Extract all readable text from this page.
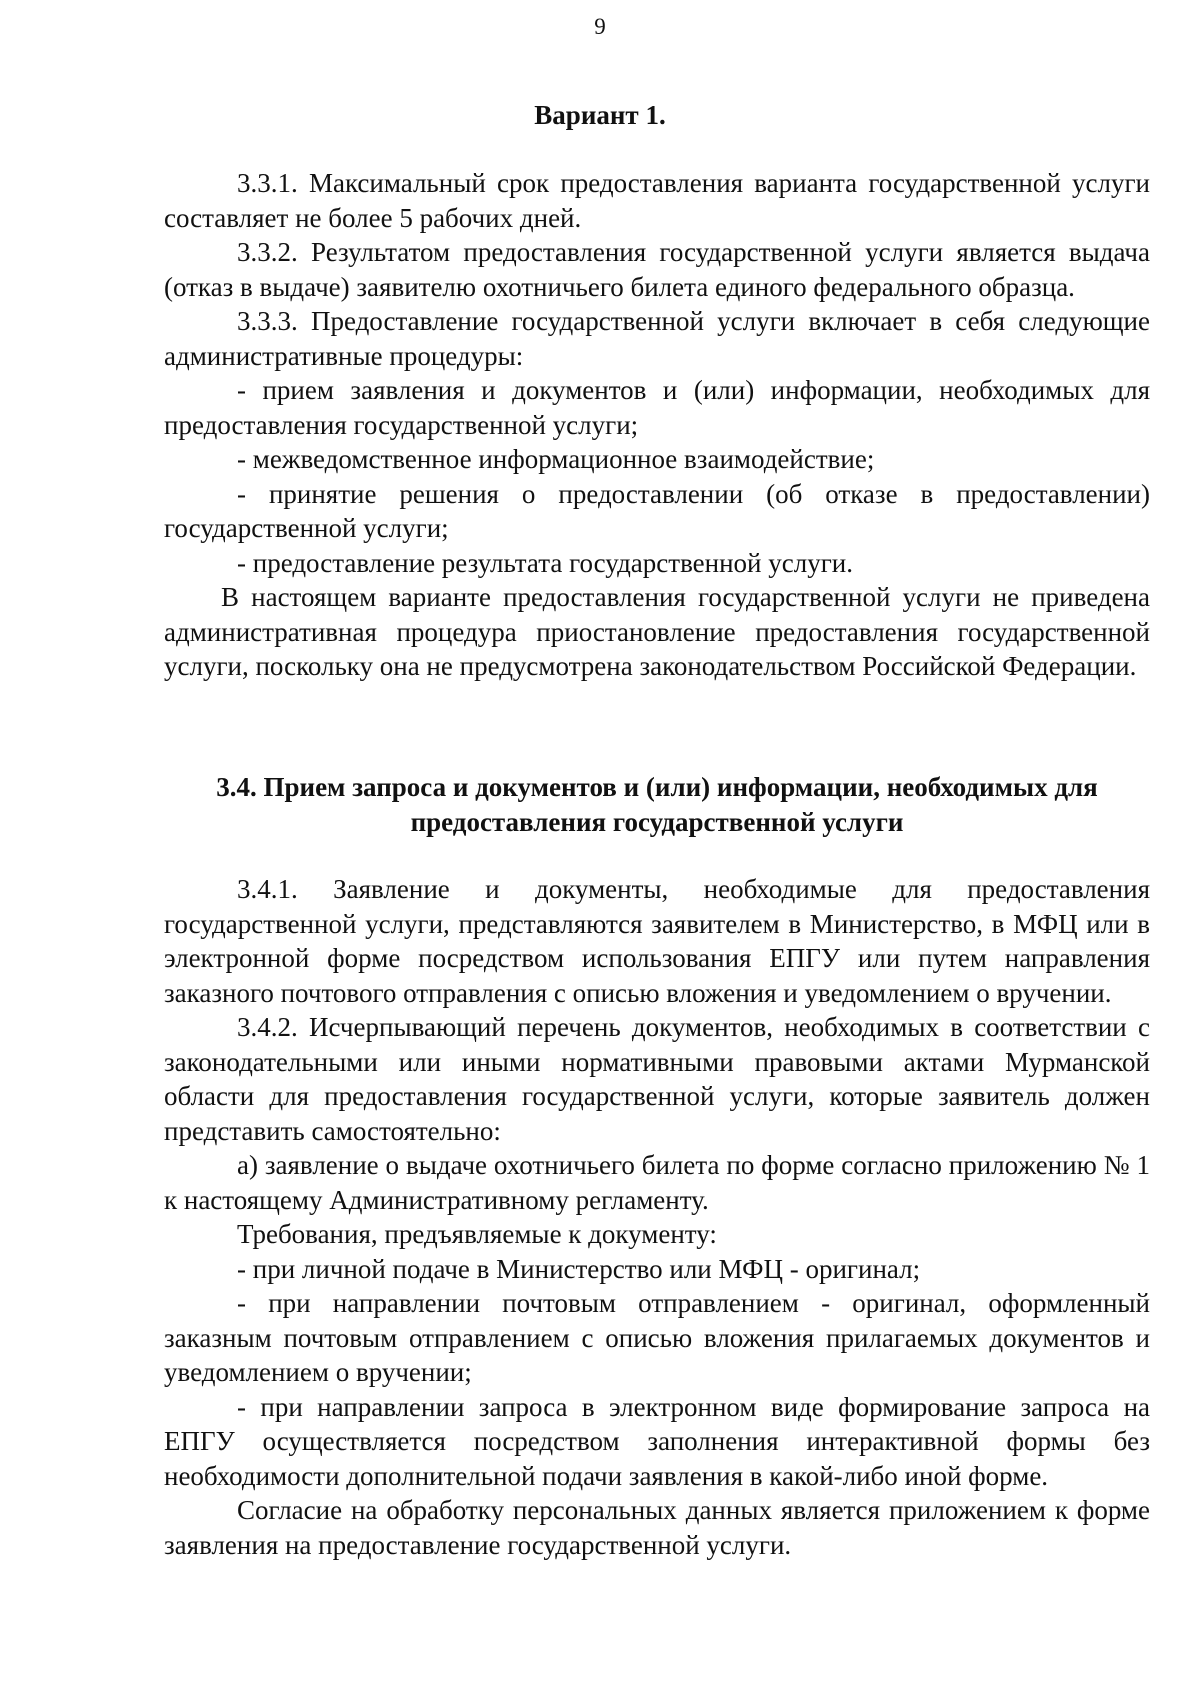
9
Вариант 1.

3.3.1. Максимальный срок предоставления варианта государственной услуги составляет не более 5 рабочих дней.

3.3.2. Результатом предоставления государственной услуги является выдача (отказ в выдаче) заявителю охотничьего билета единого федерального образца.

3.3.3. Предоставление государственной услуги включает в себя следующие административные процедуры:

- прием заявления и документов и (или) информации, необходимых для предоставления государственной услуги;

- межведомственное информационное взаимодействие;

- принятие решения о предоставлении (об отказе в предоставлении) государственной услуги;

- предоставление результата государственной услуги.

В настоящем варианте предоставления государственной услуги не приведена административная процедура приостановление предоставления государственной услуги, поскольку она не предусмотрена законодательством Российской Федерации.

3.4. Прием запроса и документов и (или) информации, необходимых для предоставления государственной услуги

3.4.1. Заявление и документы, необходимые для предоставления государственной услуги, представляются заявителем в Министерство, в МФЦ или в электронной форме посредством использования ЕПГУ или путем направления заказного почтового отправления с описью вложения и уведомлением о вручении.

3.4.2. Исчерпывающий перечень документов, необходимых в соответствии с законодательными или иными нормативными правовыми актами Мурманской области для предоставления государственной услуги, которые заявитель должен представить самостоятельно:

а) заявление о выдаче охотничьего билета по форме согласно приложению № 1 к настоящему Административному регламенту.

Требования, предъявляемые к документу:

- при личной подаче в Министерство или МФЦ - оригинал;

- при направлении почтовым отправлением - оригинал, оформленный заказным почтовым отправлением с описью вложения прилагаемых документов и уведомлением о вручении;

- при направлении запроса в электронном виде формирование запроса на ЕПГУ осуществляется посредством заполнения интерактивной формы без необходимости дополнительной подачи заявления в какой-либо иной форме.

Согласие на обработку персональных данных является приложением к форме заявления на предоставление государственной услуги.
